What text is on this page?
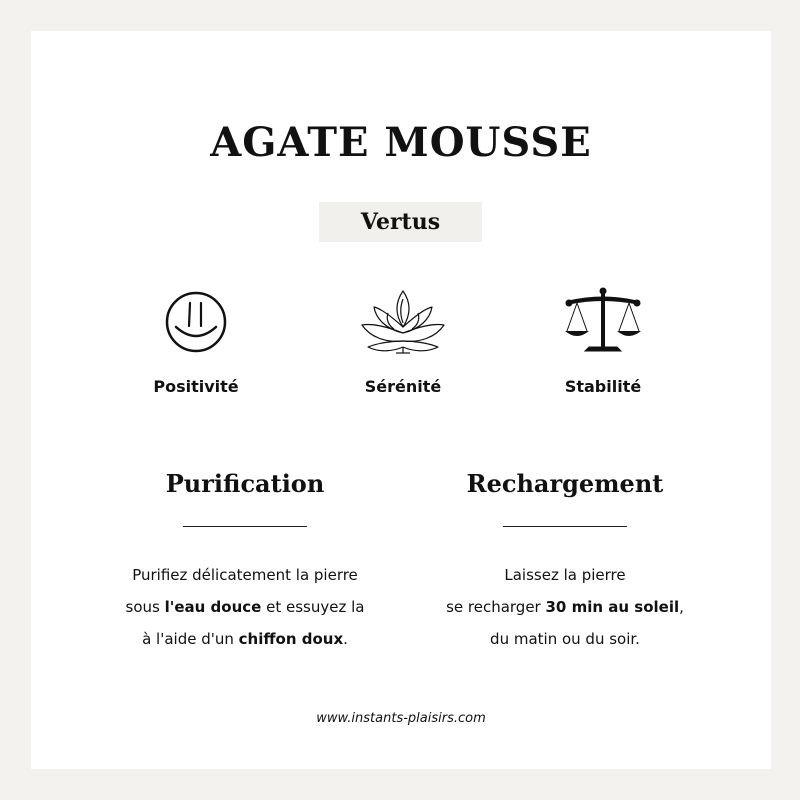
AGATE MOUSSE
Vertus
Positivité	Sérénité	Stabilité
Purification
Purifiez délicatement la pierre
sous l'eau douce et essuyez la
à l'aide d'un chiffon doux.
Rechargement
Laissez la pierre
se recharger 30 min au soleil,
du matin ou du soir.
www.instants-plaisirs.com
